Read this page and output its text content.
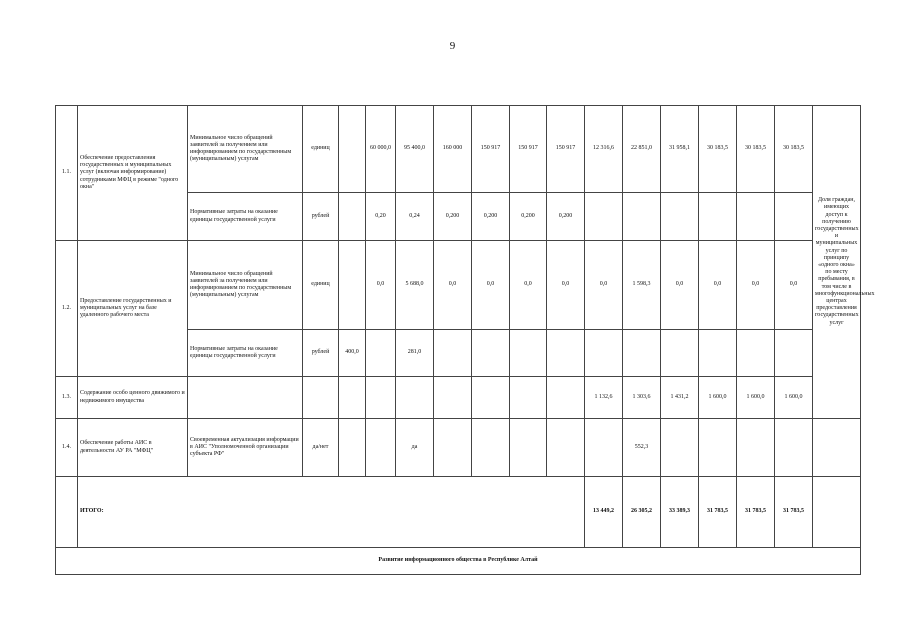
9
1.1.	Обеспечение предоставления государственных и муниципальных услуг (включая информирование) сотрудниками МФЦ в режиме "одного окна"	Минимальное число обращений заявителей за получением или информированием по государственным (муниципальным) услугам	единиц		60 000,0	95 400,0	160 000	150 917	150 917	150 917	12 316,6	22 851,0	31 958,1	30 183,5	30 183,5	30 183,5	Доля граждан, имеющих доступ к получению государственных и муниципальных услуг по принципу «одного окна» по месту пребывания, в том числе в многофункциональных центрах предоставления государственных услуг	
		Нормативные затраты на оказание единицы государственной услуги	рублей		0,20	0,24	0,200	0,200	0,200	0,200								
1.2.	Предоставление государственных и муниципальных услуг на базе удаленного рабочего места	Минимальное число обращений заявителей за получением или информированием по государственным (муниципальным) услугам	единиц		0,0	5 688,0	0,0	0,0	0,0	0,0	0,0	1 598,3	0,0	0,0	0,0	0,0		
		Нормативные затраты на оказание единицы государственной услуги	рублей	400,0		281,0												
1.3.	Содержание особо ценного движимого и недвижимого имущества										1 132,6	1 303,6	1 431,2	1 600,0	1 600,0	1 600,0		
1.4.	Обеспечение работы АИС в деятельности АУ РА "МФЦ"	Своевременная актуализация информации в АИС "Уполномоченной организации субъекта РФ"	да/нет			да						552,3						
	ИТОГО:										13 449,2	26 305,2	33 389,3	31 783,5	31 783,5	31 783,5		
Развитие информационного общества в Республике Алтай																		
